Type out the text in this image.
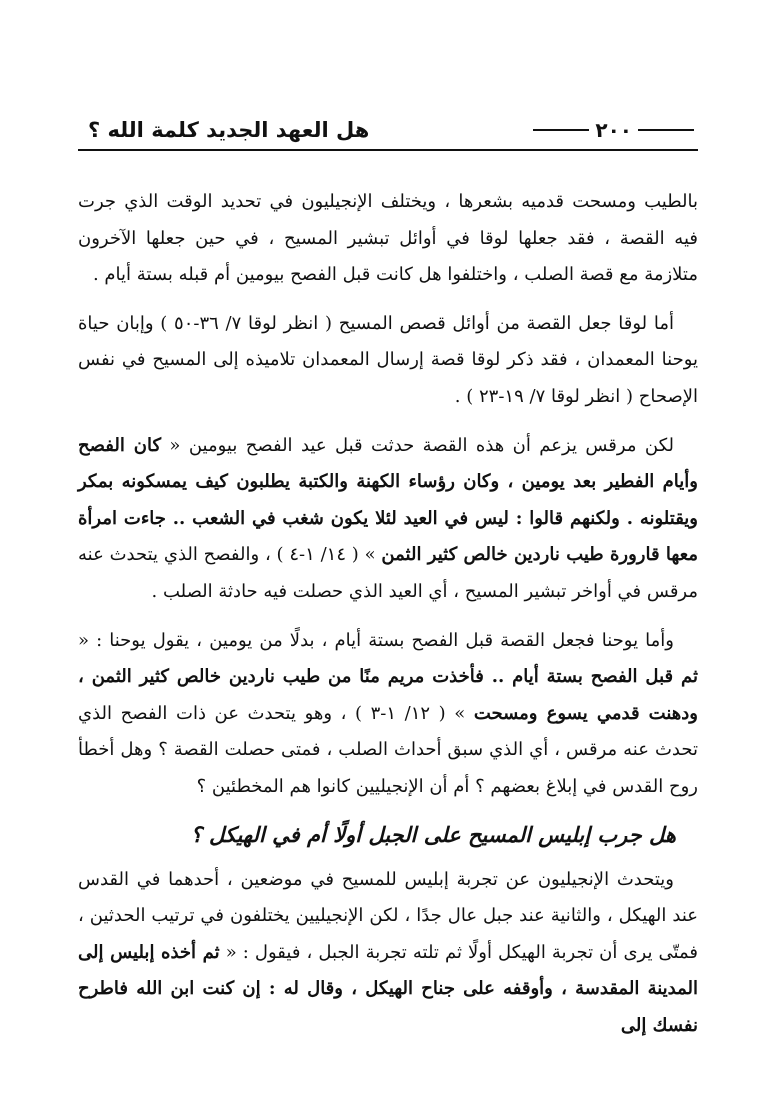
٢٠٠
هل العهد الجديد كلمة الله ؟

بالطيب ومسحت قدميه بشعرها ، ويختلف الإنجيليون في تحديد الوقت الذي جرت فيه القصة ، فقد جعلها لوقا في أوائل تبشير المسيح ، في حين جعلها الآخرون متلازمة مع قصة الصلب ، واختلفوا هل كانت قبل الفصح بيومين أم قبله بستة أيام .

أما لوقا جعل القصة من أوائل قصص المسيح ( انظر لوقا ٧/ ٣٦-٥٠ ) وإبان حياة يوحنا المعمدان ، فقد ذكر لوقا قصة إرسال المعمدان تلاميذه إلى المسيح في نفس الإصحاح ( انظر لوقا ٧/ ١٩-٢٣ ) .

لكن مرقس يزعم أن هذه القصة حدثت قبل عيد الفصح بيومين « كان الفصح وأيام الفطير بعد يومين ، وكان رؤساء الكهنة والكتبة يطلبون كيف يمسكونه بمكر ويقتلونه . ولكنهم قالوا : ليس في العيد لئلا يكون شغب في الشعب .. جاءت امرأة معها قارورة طيب ناردين خالص كثير الثمن » ( ١٤/ ١-٤ ) ، والفصح الذي يتحدث عنه مرقس في أواخر تبشير المسيح ، أي العيد الذي حصلت فيه حادثة الصلب .

وأما يوحنا فجعل القصة قبل الفصح بستة أيام ، بدلًا من يومين ، يقول يوحنا : « ثم قبل الفصح بستة أيام .. فأخذت مريم منًا من طيب ناردين خالص كثير الثمن ، ودهنت قدمي يسوع ومسحت » ( ١٢/ ١-٣ ) ، وهو يتحدث عن ذات الفصح الذي تحدث عنه مرقس ، أي الذي سبق أحداث الصلب ، فمتى حصلت القصة ؟ وهل أخطأ روح القدس في إبلاغ بعضهم ؟ أم أن الإنجيليين كانوا هم المخطئين ؟

هل جرب إبليس المسيح على الجبل أولًا أم في الهيكل ؟

ويتحدث الإنجيليون عن تجربة إبليس للمسيح في موضعين ، أحدهما في القدس عند الهيكل ، والثانية عند جبل عال جدًا ، لكن الإنجيليين يختلفون في ترتيب الحدثين ، فمتّى يرى أن تجربة الهيكل أولًا ثم تلته تجربة الجبل ، فيقول : « ثم أخذه إبليس إلى المدينة المقدسة ، وأوقفه على جناح الهيكل ، وقال له : إن كنت ابن الله فاطرح نفسك إلى
